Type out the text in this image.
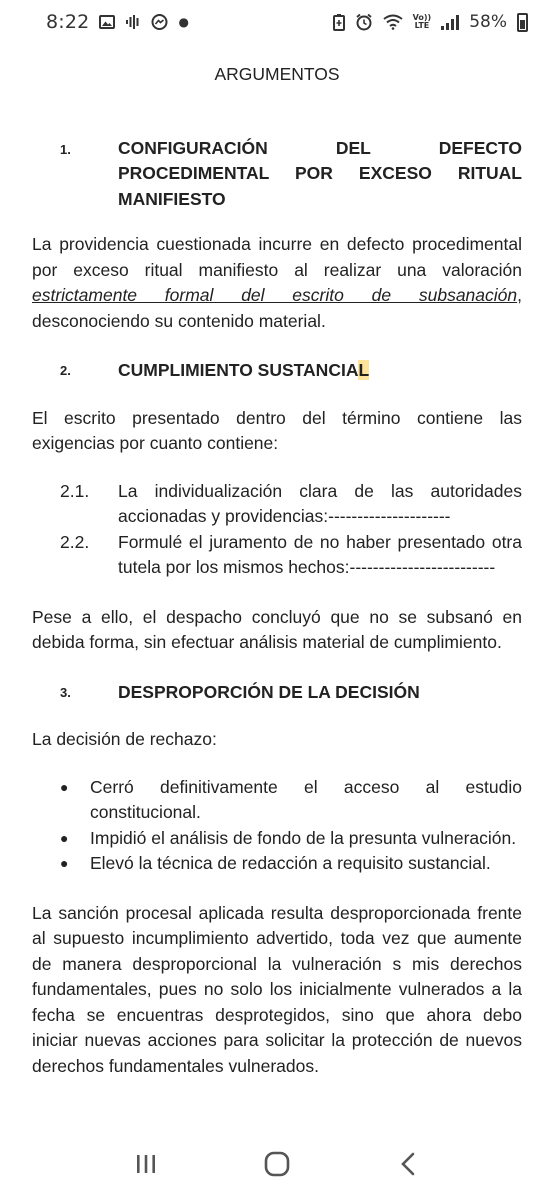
8:22	●	Vo))
LTE 58%
ARGUMENTOS
1.	CONFIGURACIÓN DEL DEFECTO PROCEDIMENTAL POR EXCESO RITUAL MANIFIESTO

La providencia cuestionada incurre en defecto procedimental por exceso ritual manifiesto al realizar una valoración estrictamente formal del escrito de subsanación, desconociendo su contenido material.

2.	CUMPLIMIENTO SUSTANCIAL

El escrito presentado dentro del término contiene las exigencias por cuanto contiene:

2.1.	La individualización clara de las autoridades accionadas y providencias:---------------------
2.2.	Formulé el juramento de no haber presentado otra tutela por los mismos hechos:-------------------------

Pese a ello, el despacho concluyó que no se subsanó en debida forma, sin efectuar análisis material de cumplimiento.

3.	DESPROPORCIÓN DE LA DECISIÓN

La decisión de rechazo:

●	Cerró definitivamente el acceso al estudio constitucional.
●	Impidió el análisis de fondo de la presunta vulneración.
●	Elevó la técnica de redacción a requisito sustancial.

La sanción procesal aplicada resulta desproporcionada frente al supuesto incumplimiento advertido, toda vez que aumente de manera desproporcional la vulneración s mis derechos fundamentales, pues no solo los inicialmente vulnerados a la fecha se encuentras desprotegidos, sino que ahora debo iniciar nuevas acciones para solicitar la protección de nuevos derechos fundamentales vulnerados.
